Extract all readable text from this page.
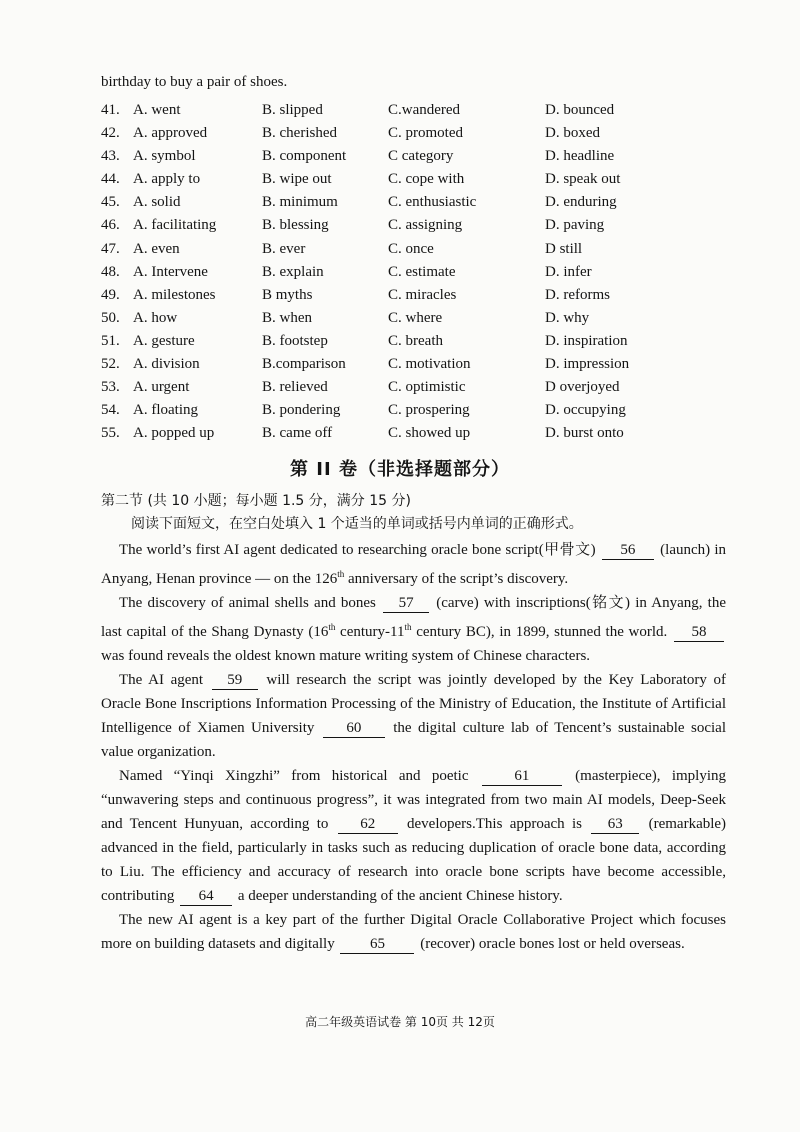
birthday to buy a pair of shoes.
41. A. went	B. slipped	C.wandered	D. bounced
42. A. approved	B. cherished	C. promoted	D. boxed
43. A. symbol	B. component	C category	D. headline
44. A. apply to	B. wipe out	C. cope with	D. speak out
45. A. solid	B. minimum	C. enthusiastic	D. enduring
46. A. facilitating	B. blessing	C. assigning	D. paving
47. A. even	B. ever	C. once	D still
48. A. Intervene	B. explain	C. estimate	D. infer
49. A. milestones	B myths	C. miracles	D. reforms
50. A. how	B. when	C. where	D. why
51. A. gesture	B. footstep	C. breath	D. inspiration
52. A. division	B.comparison	C. motivation	D. impression
53. A. urgent	B. relieved	C. optimistic	D overjoyed
54. A. floating	B. pondering	C. prospering	D. occupying
55. A. popped up	B. came off	C. showed up	D. burst onto
第 II 卷（非选择题部分）
第二节 (共 10 小题；每小题 1.5 分，满分 15 分)
阅读下面短文，在空白处填入 1 个适当的单词或括号内单词的正确形式。

The world’s first AI agent dedicated to researching oracle bone script(甲骨文) 56 (launch) in Anyang, Henan province — on the 126th anniversary of the script’s discovery.

The discovery of animal shells and bones 57 (carve) with inscriptions(铭文) in Anyang, the last capital of the Shang Dynasty (16th century-11th century BC), in 1899, stunned the world. 58 was found reveals the oldest known mature writing system of Chinese characters.

The AI agent 59 will research the script was jointly developed by the Key Laboratory of Oracle Bone Inscriptions Information Processing of the Ministry of Education, the Institute of Artificial Intelligence of Xiamen University 60 the digital culture lab of Tencent’s sustainable social value organization.

Named “Yinqi Xingzhi” from historical and poetic	61	(masterpiece), implying “unwavering steps and continuous progress”, it was integrated from two main AI models, Deep-Seek and Tencent Hunyuan, according to 62 developers.This approach is 63 (remarkable) advanced in the field, particularly in tasks such as reducing duplication of oracle bone data, according to Liu. The efficiency and accuracy of research into oracle bone scripts have become accessible, contributing 64 a deeper understanding of the ancient Chinese history.

The new AI agent is a key part of the further Digital Oracle Collaborative Project which focuses more on building datasets and digitally 65 (recover) oracle bones lost or held overseas.

高二年级英语试卷 第 10页 共 12页
